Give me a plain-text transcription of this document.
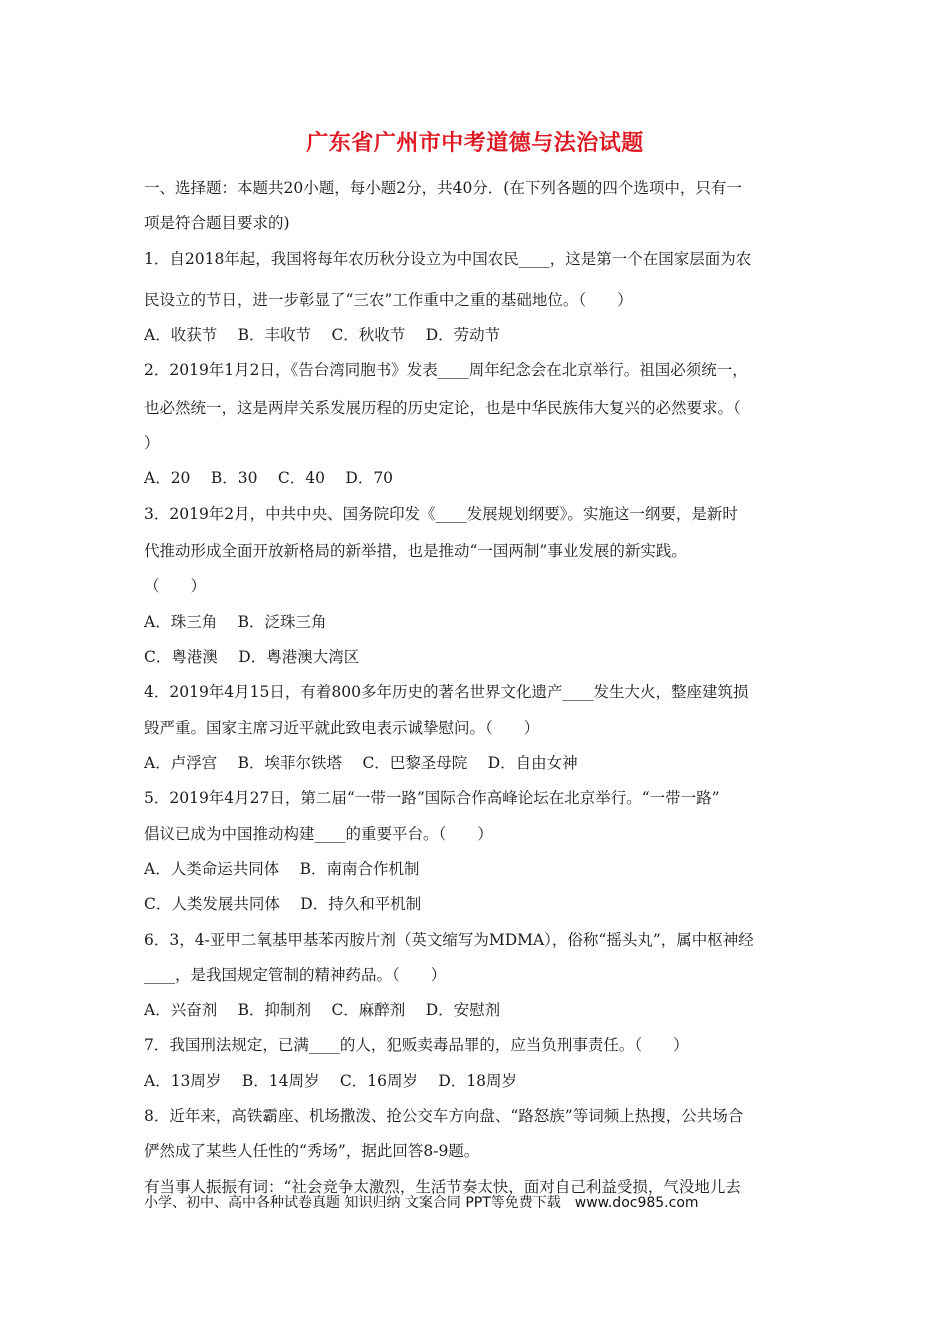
广东省广州市中考道德与法治试题
一、选择题：本题共20小题，每小题2分，共40分．(在下列各题的四个选项中，只有一
项是符合题目要求的)
1．自2018年起，我国将每年农历秋分设立为中国农民____，这是第一个在国家层面为农
民设立的节日，进一步彰显了“三农”工作重中之重的基础地位。（　　）
A．收获节　 B．丰收节　 C．秋收节　 D．劳动节
2．2019年1月2日，《告台湾同胞书》发表____周年纪念会在北京举行。祖国必须统一，
也必然统一，这是两岸关系发展历程的历史定论，也是中华民族伟大复兴的必然要求。（
）
A．20　 B．30　 C．40　 D．70
3．2019年2月，中共中央、国务院印发《____发展规划纲要》。实施这一纲要，是新时
代推动形成全面开放新格局的新举措，也是推动“一国两制”事业发展的新实践。
（　　）
A．珠三角　 B．泛珠三角
C．粤港澳　 D．粤港澳大湾区
4．2019年4月15日，有着800多年历史的著名世界文化遗产____发生大火，整座建筑损
毁严重。国家主席习近平就此致电表示诚挚慰问。（　　）
A．卢浮宫　 B．埃菲尔铁塔　 C．巴黎圣母院　 D．自由女神
5．2019年4月27日，第二届“一带一路”国际合作高峰论坛在北京举行。“一带一路”
倡议已成为中国推动构建____的重要平台。（　　）
A．人类命运共同体　 B．南南合作机制
C．人类发展共同体　 D．持久和平机制
6．3，4-亚甲二氧基甲基苯丙胺片剂（英文缩写为MDMA），俗称“摇头丸”，属中枢神经
____，是我国规定管制的精神药品。（　　）
A．兴奋剂　 B．抑制剂　 C．麻醉剂　 D．安慰剂
7．我国刑法规定，已满____的人，犯贩卖毒品罪的，应当负刑事责任。（　　）
A．13周岁　 B．14周岁　 C．16周岁　 D．18周岁
8．近年来，高铁霸座、机场撒泼、抢公交车方向盘、“路怒族”等词频上热搜，公共场合
俨然成了某些人任性的“秀场”，据此回答8-9题。
有当事人振振有词：“社会竞争太激烈，生活节奏太快，面对自己利益受损，气没地儿去
小学、初中、高中各种试卷真题 知识归纳 文案合同 PPT等免费下载　www.doc985.com
